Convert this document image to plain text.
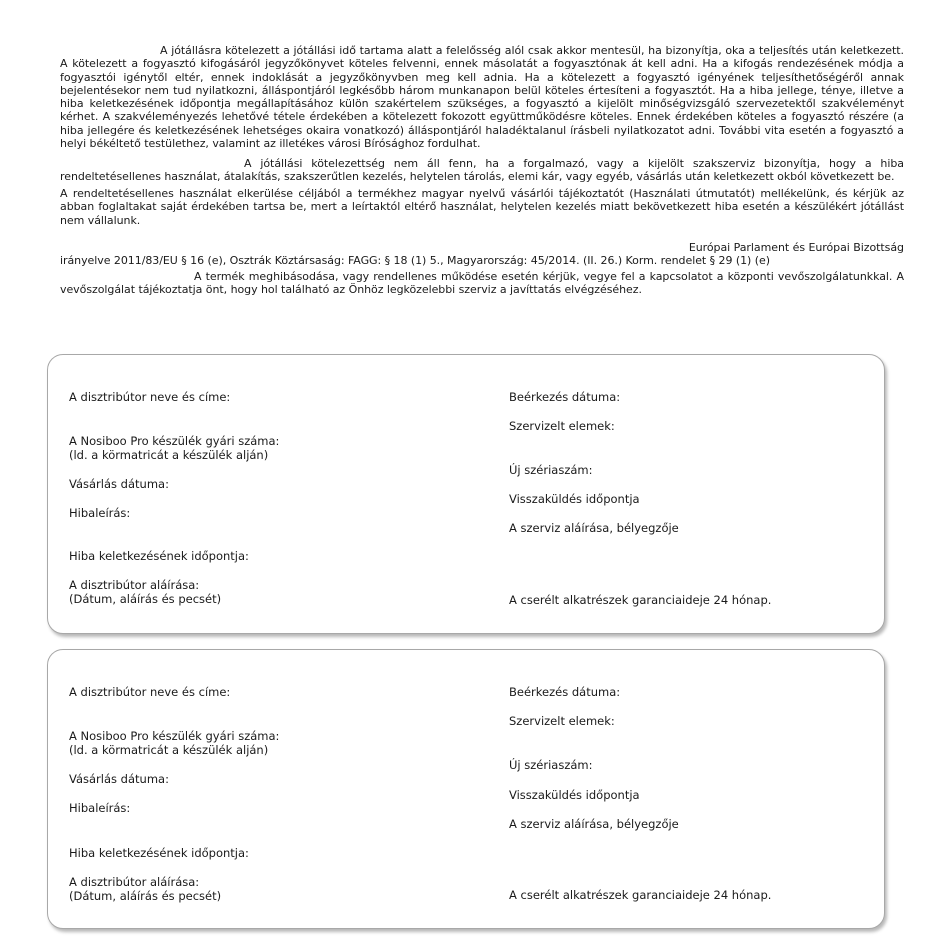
A jótállásra kötelezett a jótállási idő tartama alatt a felelősség alól csak akkor mentesül, ha bizonyítja, oka a teljesítés után keletkezett. A kötelezett a fogyasztó kifogásáról jegyzőkönyvet köteles felvenni, ennek másolatát a fogyasztónak át kell adni. Ha a kifogás rendezésének módja a fogyasztói igénytől eltér, ennek indoklását a jegyzőkönyvben meg kell adnia. Ha a kötelezett a fogyasztó igényének teljesíthetőségéről annak bejelentésekor nem tud nyilatkozni, álláspontjáról legkésőbb három munkanapon belül köteles értesíteni a fogyasztót. Ha a hiba jellege, ténye, illetve a hiba keletkezésének időpontja megállapításához külön szakértelem szükséges, a fogyasztó a kijelölt minőségvizsgáló szervezetektől szakvéleményt kérhet. A szakvéleményezés lehetővé tétele érdekében a kötelezett fokozott együttműködésre köteles. Ennek érdekében köteles a fogyasztó részére (a hiba jellegére és keletkezésének lehetséges okaira vonatkozó) álláspontjáról haladéktalanul írásbeli nyilatkozatot adni. További vita esetén a fogyasztó a helyi békéltető testülethez, valamint az illetékes városi Bírósághoz fordulhat.
A jótállási kötelezettség nem áll fenn, ha a forgalmazó, vagy a kijelölt szakszerviz bizonyítja, hogy a hiba rendeltetésellenes használat, átalakítás, szakszerűtlen kezelés, helytelen tárolás, elemi kár, vagy egyéb, vásárlás után keletkezett okból következett be.
A rendeltetésellenes használat elkerülése céljából a termékhez magyar nyelvű vásárlói tájékoztatót (Használati útmutatót) mellékelünk, és kérjük az abban foglaltakat saját érdekében tartsa be, mert a leírtaktól eltérő használat, helytelen kezelés miatt bekövetkezett hiba esetén a készülékért jótállást nem vállalunk.
Európai Parlament és Európai Bizottság
irányelve 2011/83/EU § 16 (e), Osztrák Köztársaság: FAGG: § 18 (1) 5., Magyarország: 45/2014. (II. 26.) Korm. rendelet § 29 (1) (e)
A termék meghibásodása, vagy rendellenes működése esetén kérjük, vegye fel a kapcsolatot a központi vevőszolgálatunkkal. A vevőszolgálat tájékoztatja önt, hogy hol található az Önhöz legközelebbi szerviz a javíttatás elvégzéséhez.
A disztribútor neve és címe:
A Nosiboo Pro készülék gyári száma:
(ld. a körmatricát a készülék alján)
Vásárlás dátuma:
Hibaleírás:
Hiba keletkezésének időpontja:
A disztribútor aláírása:
(Dátum, aláírás és pecsét)
Beérkezés dátuma:
Szervizelt elemek:
Új szériaszám:
Visszaküldés időpontja
A szerviz aláírása, bélyegzője
A cserélt alkatrészek garanciaideje 24 hónap.
A disztribútor neve és címe:
A Nosiboo Pro készülék gyári száma:
(ld. a körmatricát a készülék alján)
Vásárlás dátuma:
Hibaleírás:
Hiba keletkezésének időpontja:
A disztribútor aláírása:
(Dátum, aláírás és pecsét)
Beérkezés dátuma:
Szervizelt elemek:
Új szériaszám:
Visszaküldés időpontja
A szerviz aláírása, bélyegzője
A cserélt alkatrészek garanciaideje 24 hónap.
